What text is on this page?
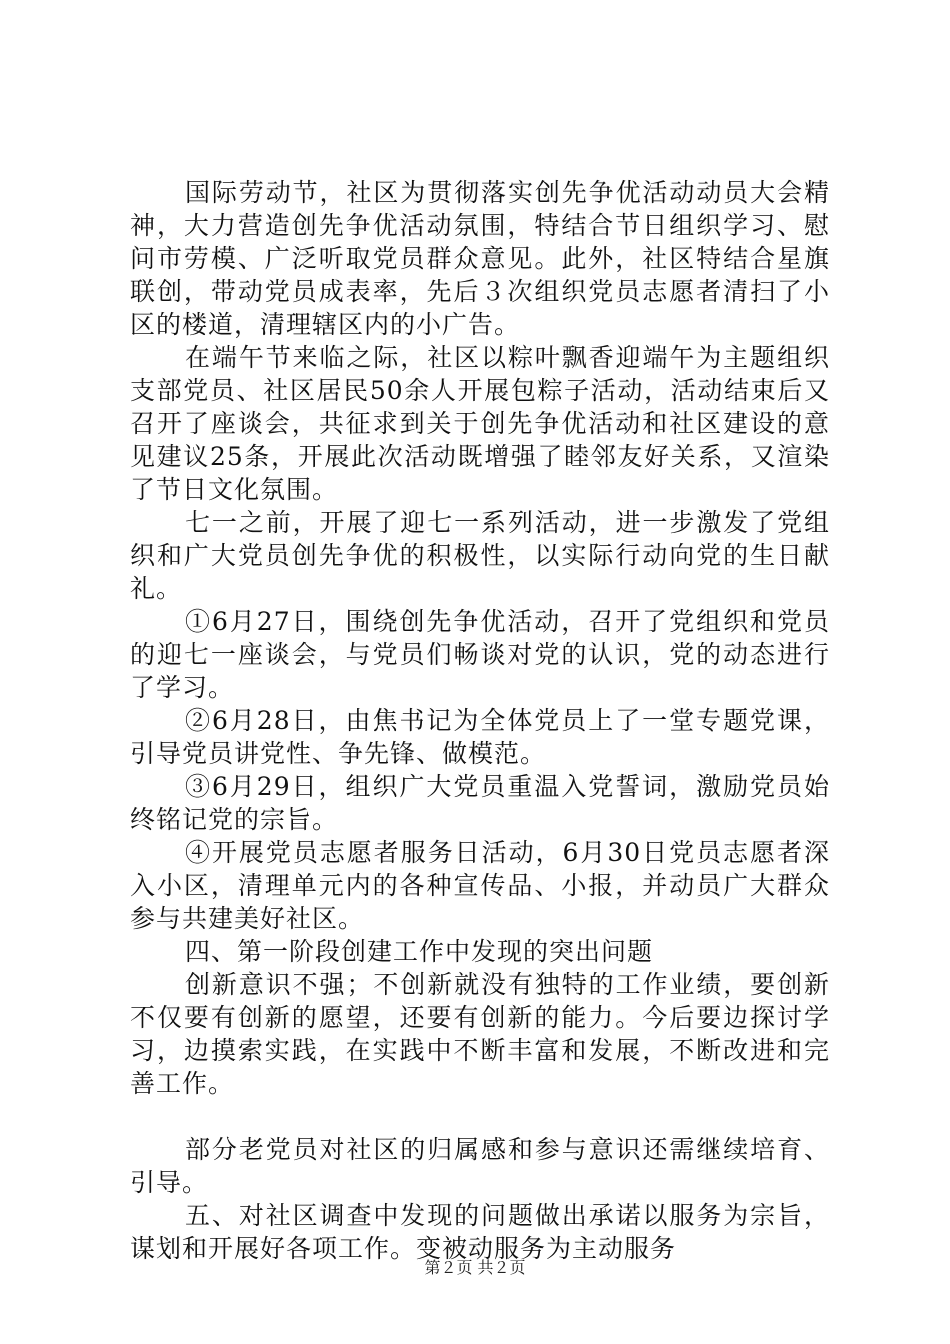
国际劳动节，社区为贯彻落实创先争优活动动员大会精神，大力营造创先争优活动氛围，特结合节日组织学习、慰问市劳模、广泛听取党员群众意见。此外，社区特结合星旗联创，带动党员成表率，先后３次组织党员志愿者清扫了小区的楼道，清理辖区内的小广告。

在端午节来临之际，社区以粽叶飘香迎端午为主题组织支部党员、社区居民50余人开展包粽子活动，活动结束后又召开了座谈会，共征求到关于创先争优活动和社区建设的意见建议25条，开展此次活动既增强了睦邻友好关系，又渲染了节日文化氛围。

七一之前，开展了迎七一系列活动，进一步激发了党组织和广大党员创先争优的积极性，以实际行动向党的生日献礼。

①6月27日，围绕创先争优活动，召开了党组织和党员的迎七一座谈会，与党员们畅谈对党的认识，党的动态进行了学习。

②6月28日，由焦书记为全体党员上了一堂专题党课，引导党员讲党性、争先锋、做模范。

③6月29日，组织广大党员重温入党誓词，激励党员始终铭记党的宗旨。

④开展党员志愿者服务日活动，6月30日党员志愿者深入小区，清理单元内的各种宣传品、小报，并动员广大群众参与共建美好社区。

四、第一阶段创建工作中发现的突出问题

创新意识不强；不创新就没有独特的工作业绩，要创新不仅要有创新的愿望，还要有创新的能力。今后要边探讨学习，边摸索实践，在实践中不断丰富和发展，不断改进和完善工作。

部分老党员对社区的归属感和参与意识还需继续培育、引导。

五、对社区调查中发现的问题做出承诺以服务为宗旨，谋划和开展好各项工作。变被动服务为主动服务

第２页 共２页
